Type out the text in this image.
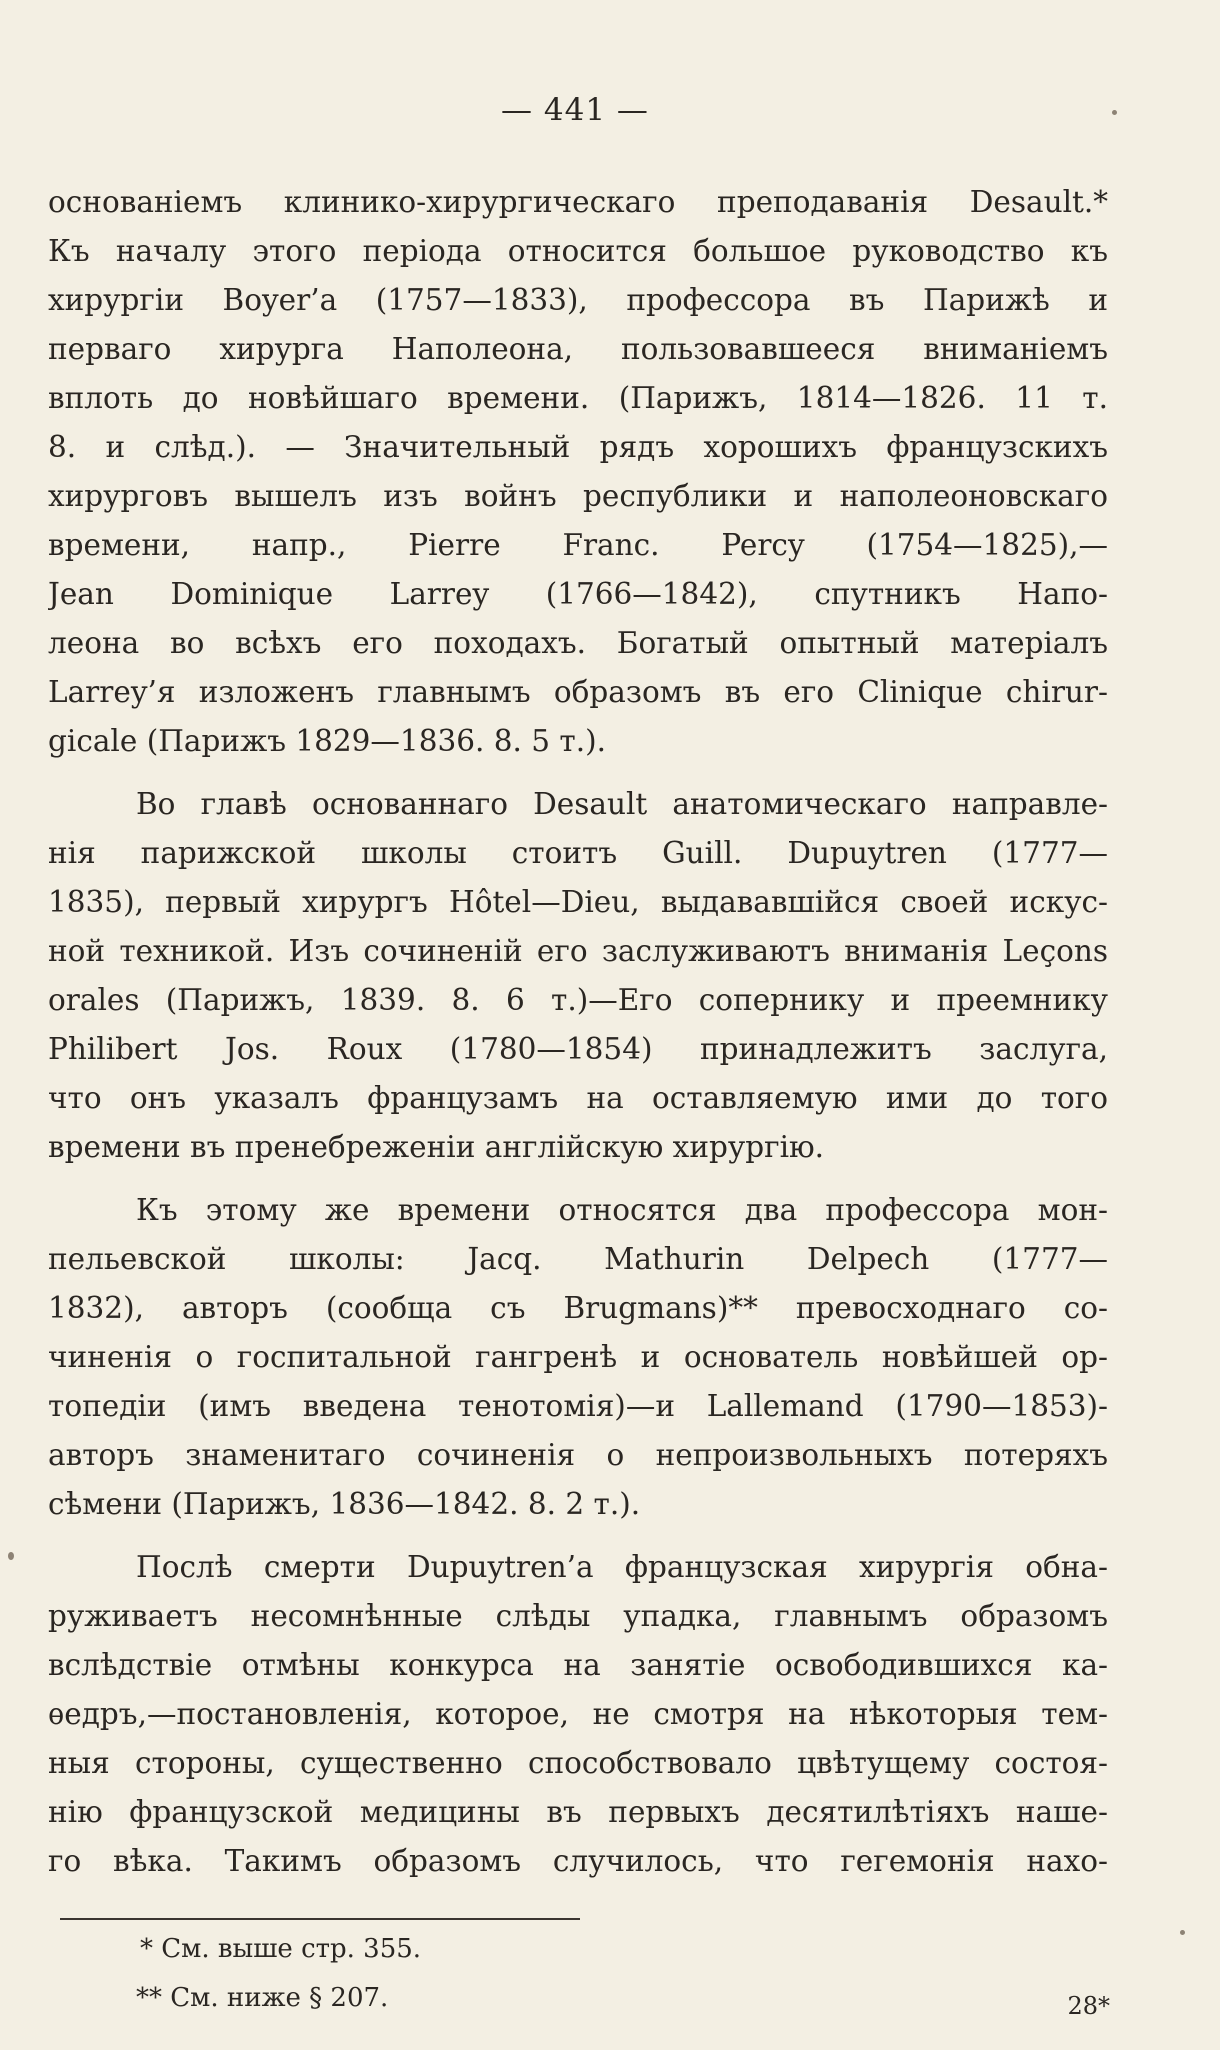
— 441 —
основанiемъ клинико-хирургическаго преподаванiя Desault.*
Къ началу этого перiода относится большое руководство къ
хирургiи Boyer’a (1757—1833), профессора въ Парижѣ и
перваго хирурга Наполеона, пользовавшееся вниманiемъ
вплоть до новѣйшаго времени. (Парижъ, 1814—1826. 11 т.
8. и слѣд.). — Значительный рядъ хорошихъ французскихъ
хирурговъ вышелъ изъ войнъ республики и наполеоновскаго
времени, напр., Pierre Franc. Percy (1754—1825),—
Jean Dominique Larrey (1766—1842), спутникъ Напо-
леона во всѣхъ его походахъ. Богатый опытный матерiалъ
Larrey’я изложенъ главнымъ образомъ въ его Clinique chirur-
gicale (Парижъ 1829—1836. 8. 5 т.).
Во главѣ основаннаго Desault анатомическаго направле-
нiя парижской школы стоитъ Guill. Dupuytren (1777—
1835), первый хирургъ Hôtel—Dieu, выдававшiйся своей искус-
ной техникой. Изъ сочиненiй его заслуживаютъ вниманiя Leçons
orales (Парижъ, 1839. 8. 6 т.)—Его сопернику и преемнику
Philibert Jos. Roux (1780—1854) принадлежитъ заслуга,
что онъ указалъ французамъ на оставляемую ими до того
времени въ пренебреженiи англiйскую хирургiю.
Къ этому же времени относятся два профессора мон-
пельевской школы: Jacq. Mathurin Delpech (1777—
1832), авторъ (сообща съ Brugmans)** превосходнаго со-
чиненiя о госпитальной гангренѣ и основатель новѣйшей ор-
топедiи (имъ введена тенотомiя)—и Lallemand (1790—1853)-
авторъ знаменитаго сочиненiя о непроизвольныхъ потеряхъ
сѣмени (Парижъ, 1836—1842. 8. 2 т.).
Послѣ смерти Dupuytren’a французская хирургiя обна-
руживаетъ несомнѣнные слѣды упадка, главнымъ образомъ
вслѣдствiе отмѣны конкурса на занятiе освободившихся ка-
ѳедръ,—постановленiя, которое, не смотря на нѣкоторыя тем-
ныя стороны, существенно способствовало цвѣтущему состоя-
нiю французской медицины въ первыхъ десятилѣтiяхъ наше-
го вѣка. Такимъ образомъ случилось, что гегемонiя нахо-
* См. выше стр. 355.
** См. ниже § 207.	28*
